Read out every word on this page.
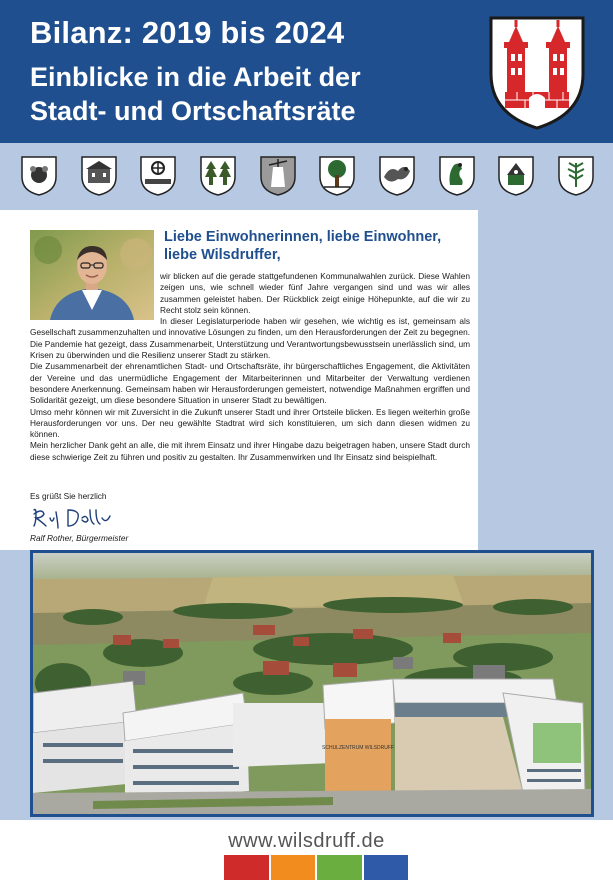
Bilanz: 2019 bis 2024
Einblicke in die Arbeit der
Stadt- und Ortschaftsräte
Liebe Einwohnerinnen, liebe Einwohner,
liebe Wilsdruffer,

wir blicken auf die gerade stattgefundenen Kommunalwahlen zurück. Diese Wahlen zeigen uns, wie schnell wieder fünf Jahre vergangen sind und was wir alles zusammen geleistet haben. Der Rückblick zeigt einige Höhepunkte, auf die wir zu Recht stolz sein können.

In dieser Legislaturperiode haben wir gesehen, wie wichtig es ist, gemeinsam als Gesellschaft zusammenzuhalten und innovative Lösungen zu finden, um den Herausforderungen der Zeit zu begegnen. Die Pandemie hat gezeigt, dass Zusammenarbeit, Unterstützung und Verantwortungsbewusstsein unerlässlich sind, um Krisen zu überwinden und die Resilienz unserer Stadt zu stärken.

Die Zusammenarbeit der ehrenamtlichen Stadt- und Ortschaftsräte, ihr bürgerschaftliches Engagement, die Aktivitäten der Vereine und das unermüdliche Engagement der Mitarbeiterinnen und Mitarbeiter der Verwaltung verdienen besondere Anerkennung. Gemeinsam haben wir Herausforderungen gemeistert, notwendige Maßnahmen ergriffen und Solidarität gezeigt, um diese besondere Situation in unserer Stadt zu bewältigen.

Umso mehr können wir mit Zuversicht in die Zukunft unserer Stadt und ihrer Ortsteile blicken. Es liegen weiterhin große Herausforderungen vor uns. Der neu gewählte Stadtrat wird sich konstituieren, um sich dann diesen widmen zu können.

Mein herzlicher Dank geht an alle, die mit ihrem Einsatz und ihrer Hingabe dazu beigetragen haben, unsere Stadt durch diese schwierige Zeit zu führen und positiv zu gestalten. Ihr Zusammenwirken und Ihr Einsatz sind beispielhaft.

Es grüßt Sie herzlich
Ralf Rother, Bürgermeister
SCHULZENTRUM WILSDRUFF
www.wilsdruff.de
